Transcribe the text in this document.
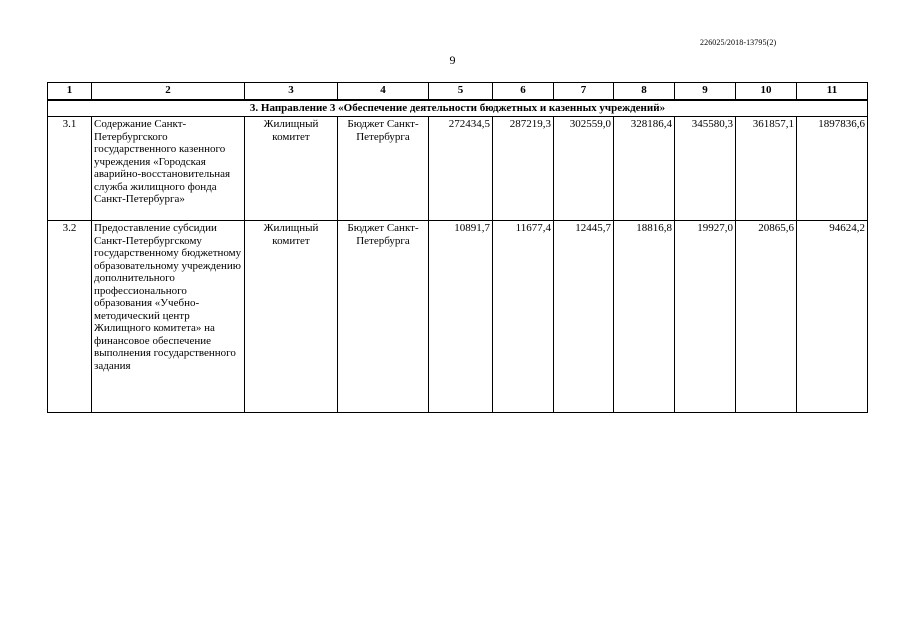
226025/2018-13795(2)
9
1	2	3	4	5	6	7	8	9	10	11
3. Направление 3 «Обеспечение деятельности бюджетных и казенных учреждений»										
3.1	Содержание Санкт-Петербургского государственного казенного учреждения «Городская аварийно-восстановительная служба жилищного фонда Санкт-Петербурга»	Жилищный комитет	Бюджет Санкт-Петербурга	272434,5	287219,3	302559,0	328186,4	345580,3	361857,1	1897836,6
3.2	Предоставление субсидии Санкт-Петербургскому государственному бюджетному образовательному учреждению дополнительного профессионального образования «Учебно-методический центр Жилищного комитета» на финансовое обеспечение выполнения государственного задания	Жилищный комитет	Бюджет Санкт-Петербурга	10891,7	11677,4	12445,7	18816,8	19927,0	20865,6	94624,2
